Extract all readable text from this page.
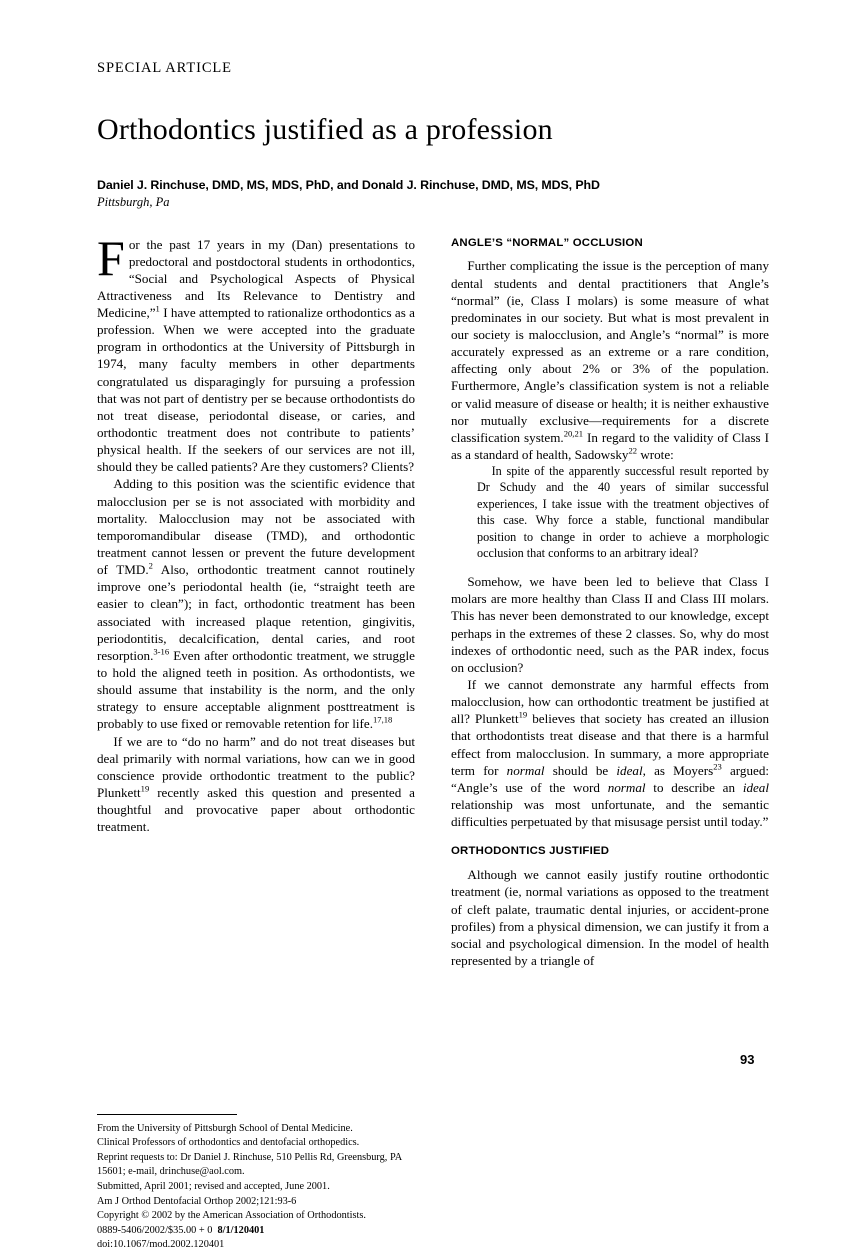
SPECIAL ARTICLE
Orthodontics justified as a profession
Daniel J. Rinchuse, DMD, MS, MDS, PhD, and Donald J. Rinchuse, DMD, MS, MDS, PhD
Pittsburgh, Pa

For the past 17 years in my (Dan) presentations to predoctoral and postdoctoral students in orthodontics, “Social and Psychological Aspects of Physical Attractiveness and Its Relevance to Dentistry and Medicine,”$^1$ I have attempted to rationalize orthodontics as a profession. When we were accepted into the graduate program in orthodontics at the University of Pittsburgh in 1974, many faculty members in other departments congratulated us disparagingly for pursuing a profession that was not part of dentistry per se because orthodontists do not treat disease, periodontal disease, or caries, and orthodontic treatment does not contribute to patients’ physical health. If the seekers of our services are not ill, should they be called patients? Are they customers? Clients?

Adding to this position was the scientific evidence that malocclusion per se is not associated with morbidity and mortality. Malocclusion may not be associated with temporomandibular disease (TMD), and orthodontic treatment cannot lessen or prevent the future development of TMD.$^2$ Also, orthodontic treatment cannot routinely improve one’s periodontal health (ie, “straight teeth are easier to clean”); in fact, orthodontic treatment has been associated with increased plaque retention, gingivitis, periodontitis, decalcification, dental caries, and root resorption.$^{3-16}$ Even after orthodontic treatment, we struggle to hold the aligned teeth in position. As orthodontists, we should assume that instability is the norm, and the only strategy to ensure acceptable alignment posttreatment is probably to use fixed or removable retention for life.$^{17,18}$

If we are to “do no harm” and do not treat diseases but deal primarily with normal variations, how can we in good conscience provide orthodontic treatment to the public? Plunkett$^{19}$ recently asked this question and presented a thoughtful and provocative paper about orthodontic treatment.

From the University of Pittsburgh School of Dental Medicine.
Clinical Professors of orthodontics and dentofacial orthopedics.
Reprint requests to: Dr Daniel J. Rinchuse, 510 Pellis Rd, Greensburg, PA 15601; e-mail, drinchuse@aol.com.
Submitted, April 2001; revised and accepted, June 2001.
Am J Orthod Dentofacial Orthop 2002;121:93-6
Copyright © 2002 by the American Association of Orthodontists.
0889-5406/2002/$35.00 + 0 8/1/120401
doi:10.1067/mod.2002.120401

ANGLE’S “NORMAL” OCCLUSION

Further complicating the issue is the perception of many dental students and dental practitioners that Angle’s “normal” (ie, Class I molars) is some measure of what predominates in our society. But what is most prevalent in our society is malocclusion, and Angle’s “normal” is more accurately expressed as an extreme or a rare condition, affecting only about 2% or 3% of the population. Furthermore, Angle’s classification system is not a reliable or valid measure of disease or health; it is neither exhaustive nor mutually exclusive—requirements for a discrete classification system.$^{20,21}$ In regard to the validity of Class I as a standard of health, Sadowsky$^{22}$ wrote:

In spite of the apparently successful result reported by Dr Schudy and the 40 years of similar successful experiences, I take issue with the treatment objectives of this case. Why force a stable, functional mandibular position to change in order to achieve a morphologic occlusion that conforms to an arbitrary ideal?

Somehow, we have been led to believe that Class I molars are more healthy than Class II and Class III molars. This has never been demonstrated to our knowledge, except perhaps in the extremes of these 2 classes. So, why do most indexes of orthodontic need, such as the PAR index, focus on occlusion?

If we cannot demonstrate any harmful effects from malocclusion, how can orthodontic treatment be justified at all? Plunkett$^{19}$ believes that society has created an illusion that orthodontists treat disease and that there is a harmful effect from malocclusion. In summary, a more appropriate term for normal should be ideal, as Moyers$^{23}$ argued: “Angle’s use of the word normal to describe an ideal relationship was most unfortunate, and the semantic difficulties perpetuated by that misusage persist until today.”

ORTHODONTICS JUSTIFIED

Although we cannot easily justify routine orthodontic treatment (ie, normal variations as opposed to the treatment of cleft palate, traumatic dental injuries, or accident-prone profiles) from a physical dimension, we can justify it from a social and psychological dimension. In the model of health represented by a triangle of

93
